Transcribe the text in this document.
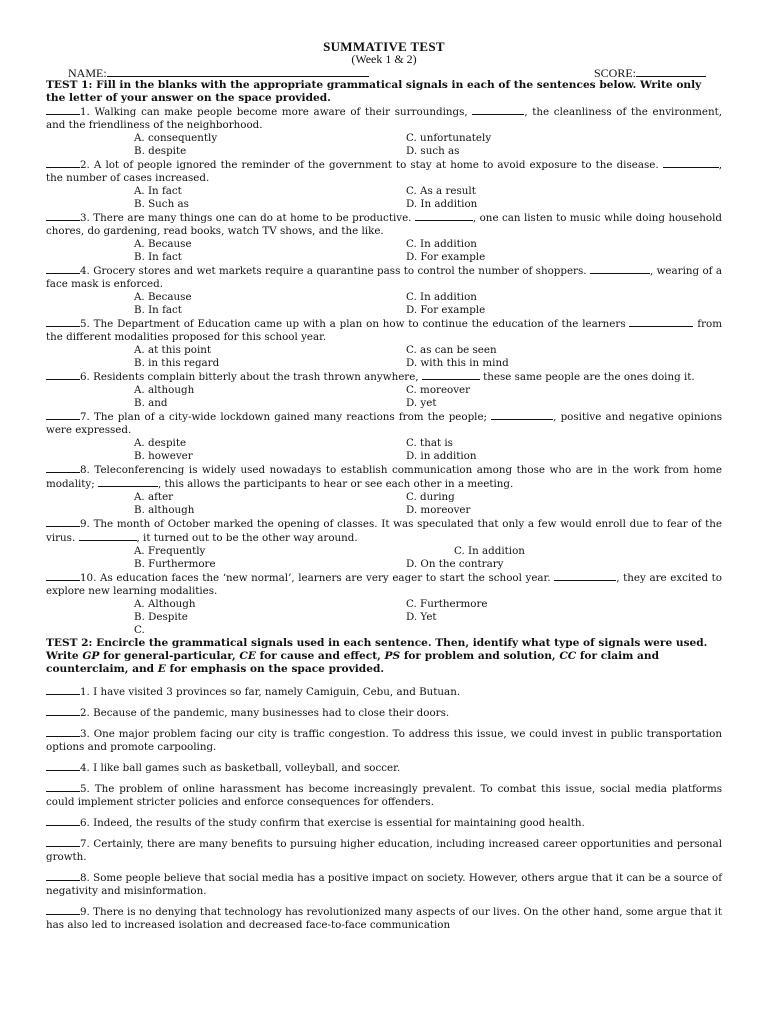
SUMMATIVE TEST
(Week 1 & 2)
NAME:	SCORE:
TEST 1: Fill in the blanks with the appropriate grammatical signals in each of the sentences below. Write only the letter of your answer on the space provided.
1. Walking can make people become more aware of their surroundings,	, the cleanliness of the environment, and the friendliness of the neighborhood.
A. consequently	C. unfortunately
B. despite	D. such as
2. A lot of people ignored the reminder of the government to stay at home to avoid exposure to the disease.	, the number of cases increased.
A. In fact	C. As a result
B. Such as	D. In addition
3. There are many things one can do at home to be productive.	, one can listen to music while doing household chores, do gardening, read books, watch TV shows, and the like.
A. Because	C. In addition
B. In fact	D. For example
4. Grocery stores and wet markets require a quarantine pass to control the number of shoppers.	, wearing of a face mask is enforced.
A. Because	C. In addition
B. In fact	D. For example
5. The Department of Education came up with a plan on how to continue the education of the learners	from the different modalities proposed for this school year.
A. at this point	C. as can be seen
B. in this regard	D. with this in mind
6. Residents complain bitterly about the trash thrown anywhere,	these same people are the ones doing it.
A. although	C. moreover
B. and	D. yet
7. The plan of a city-wide lockdown gained many reactions from the people;	, positive and negative opinions were expressed.
A. despite	C. that is
B. however	D. in addition
8. Teleconferencing is widely used nowadays to establish communication among those who are in the work from home modality;	, this allows the participants to hear or see each other in a meeting.
A. after	C. during
B. although	D. moreover
9. The month of October marked the opening of classes. It was speculated that only a few would enroll due to fear of the virus.	, it turned out to be the other way around.
A. Frequently	C. In addition
B. Furthermore	D. On the contrary
10. As education faces the ‘new normal’, learners are very eager to start the school year.	, they are excited to explore new learning modalities.
A. Although	C. Furthermore
B. Despite	D. Yet
C.
TEST 2: Encircle the grammatical signals used in each sentence. Then, identify what type of signals were used. Write GP for general-particular, CE for cause and effect, PS for problem and solution, CC for claim and counterclaim, and E for emphasis on the space provided.
1. I have visited 3 provinces so far, namely Camiguin, Cebu, and Butuan.
2. Because of the pandemic, many businesses had to close their doors.
3. One major problem facing our city is traffic congestion. To address this issue, we could invest in public transportation options and promote carpooling.
4. I like ball games such as basketball, volleyball, and soccer.
5. The problem of online harassment has become increasingly prevalent. To combat this issue, social media platforms could implement stricter policies and enforce consequences for offenders.
6. Indeed, the results of the study confirm that exercise is essential for maintaining good health.
7. Certainly, there are many benefits to pursuing higher education, including increased career opportunities and personal growth.
8. Some people believe that social media has a positive impact on society. However, others argue that it can be a source of negativity and misinformation.
9. There is no denying that technology has revolutionized many aspects of our lives. On the other hand, some argue that it has also led to increased isolation and decreased face-to-face communication
